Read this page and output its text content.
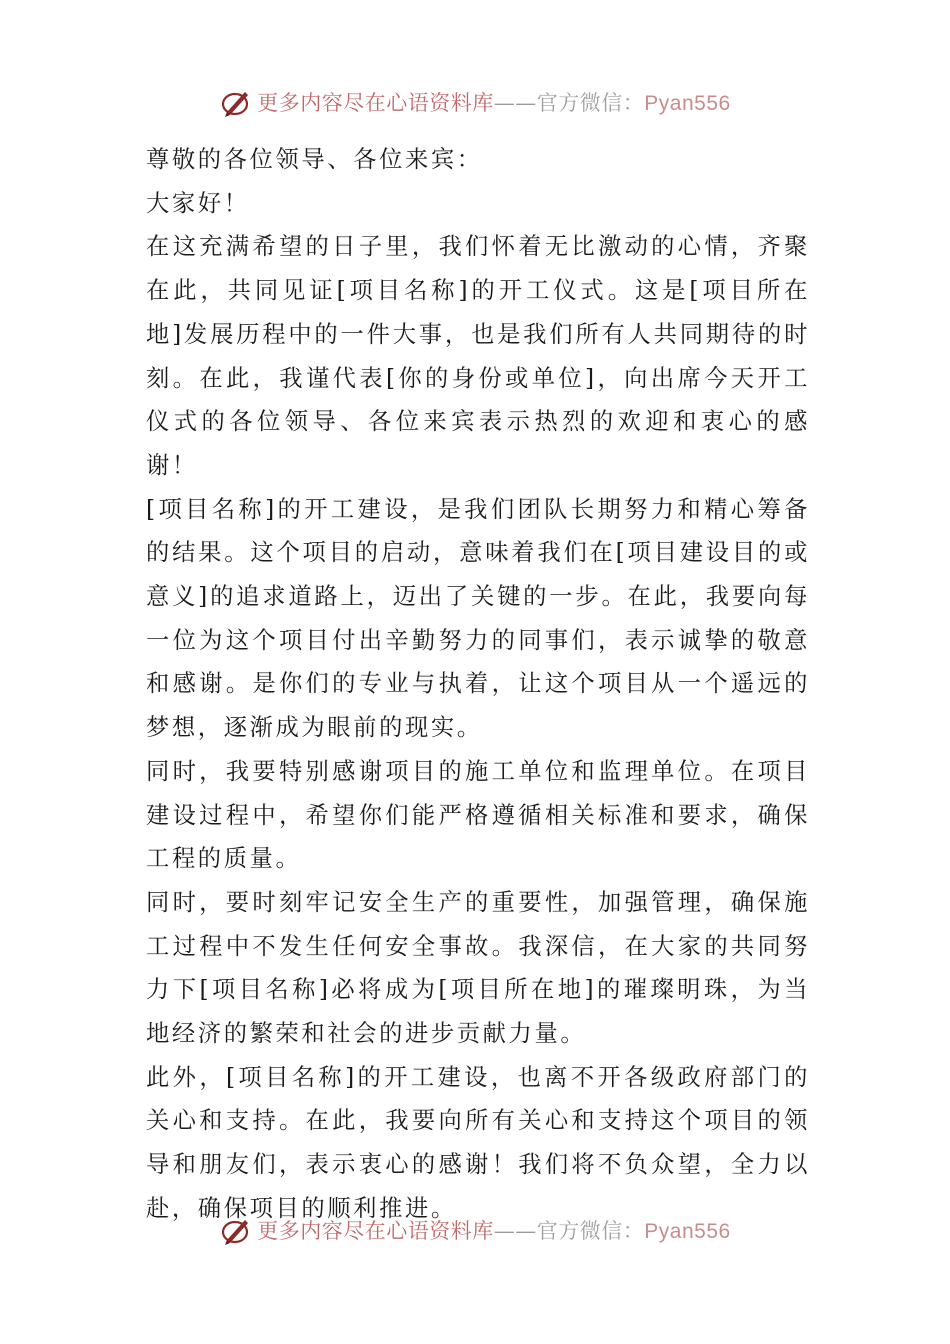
更多内容尽在心语资料库——官方微信：Pyan556

尊敬的各位领导、各位来宾：

大家好！

在这充满希望的日子里，我们怀着无比激动的心情，齐聚在此，共同见证[项目名称]的开工仪式。这是[项目所在地]发展历程中的一件大事，也是我们所有人共同期待的时刻。在此，我谨代表[你的身份或单位]，向出席今天开工仪式的各位领导、各位来宾表示热烈的欢迎和衷心的感谢！

[项目名称]的开工建设，是我们团队长期努力和精心筹备的结果。这个项目的启动，意味着我们在[项目建设目的或意义]的追求道路上，迈出了关键的一步。在此，我要向每一位为这个项目付出辛勤努力的同事们，表示诚挚的敬意和感谢。是你们的专业与执着，让这个项目从一个遥远的梦想，逐渐成为眼前的现实。

同时，我要特别感谢项目的施工单位和监理单位。在项目建设过程中，希望你们能严格遵循相关标准和要求，确保工程的质量。

同时，要时刻牢记安全生产的重要性，加强管理，确保施工过程中不发生任何安全事故。我深信，在大家的共同努力下[项目名称]必将成为[项目所在地]的璀璨明珠，为当地经济的繁荣和社会的进步贡献力量。

此外，[项目名称]的开工建设，也离不开各级政府部门的关心和支持。在此，我要向所有关心和支持这个项目的领导和朋友们，表示衷心的感谢！我们将不负众望，全力以赴，确保项目的顺利推进。

更多内容尽在心语资料库——官方微信：Pyan556
